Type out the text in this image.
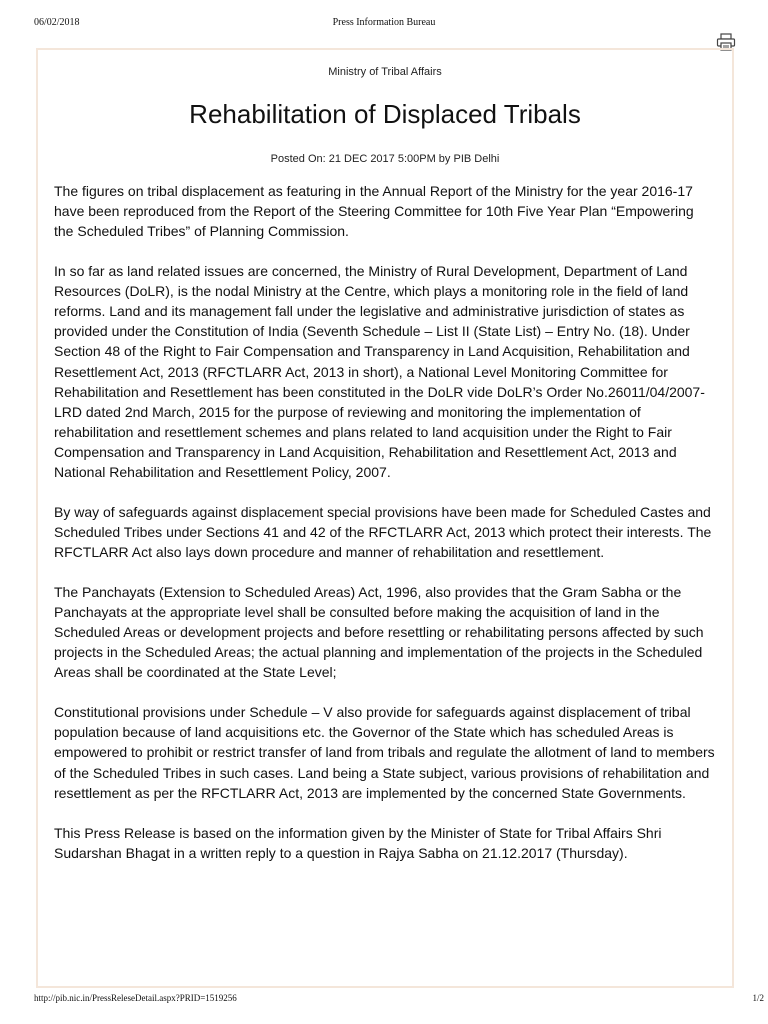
06/02/2018	Press Information Bureau
Ministry of Tribal Affairs
Rehabilitation of Displaced Tribals
Posted On: 21 DEC 2017 5:00PM by PIB Delhi

The figures on tribal displacement as featuring in the Annual Report of the Ministry for the year 2016-17 have been reproduced from the Report of the Steering Committee for 10th Five Year Plan “Empowering the Scheduled Tribes” of Planning Commission.

In so far as land related issues are concerned, the Ministry of Rural Development, Department of Land Resources (DoLR), is the nodal Ministry at the Centre, which plays a monitoring role in the field of land reforms. Land and its management fall under the legislative and administrative jurisdiction of states as provided under the Constitution of India (Seventh Schedule – List II (State List) – Entry No. (18). Under Section 48 of the Right to Fair Compensation and Transparency in Land Acquisition, Rehabilitation and Resettlement Act, 2013 (RFCTLARR Act, 2013 in short), a National Level Monitoring Committee for Rehabilitation and Resettlement has been constituted in the DoLR vide DoLR’s Order No.26011/04/2007-LRD dated 2nd March, 2015 for the purpose of reviewing and monitoring the implementation of rehabilitation and resettlement schemes and plans related to land acquisition under the Right to Fair Compensation and Transparency in Land Acquisition, Rehabilitation and Resettlement Act, 2013 and National Rehabilitation and Resettlement Policy, 2007.

By way of safeguards against displacement special provisions have been made for Scheduled Castes and Scheduled Tribes under Sections 41 and 42 of the RFCTLARR Act, 2013 which protect their interests. The RFCTLARR Act also lays down procedure and manner of rehabilitation and resettlement.

The Panchayats (Extension to Scheduled Areas) Act, 1996, also provides that the Gram Sabha or the Panchayats at the appropriate level shall be consulted before making the acquisition of land in the Scheduled Areas or development projects and before resettling or rehabilitating persons affected by such projects in the Scheduled Areas; the actual planning and implementation of the projects in the Scheduled Areas shall be coordinated at the State Level;

Constitutional provisions under Schedule – V also provide for safeguards against displacement of tribal population because of land acquisitions etc. the Governor of the State which has scheduled Areas is empowered to prohibit or restrict transfer of land from tribals and regulate the allotment of land to members of the Scheduled Tribes in such cases. Land being a State subject, various provisions of rehabilitation and resettlement as per the RFCTLARR Act, 2013 are implemented by the concerned State Governments.

This Press Release is based on the information given by the Minister of State for Tribal Affairs Shri Sudarshan Bhagat in a written reply to a question in Rajya Sabha on 21.12.2017 (Thursday).

http://pib.nic.in/PressReleseDetail.aspx?PRID=1519256	1/2
